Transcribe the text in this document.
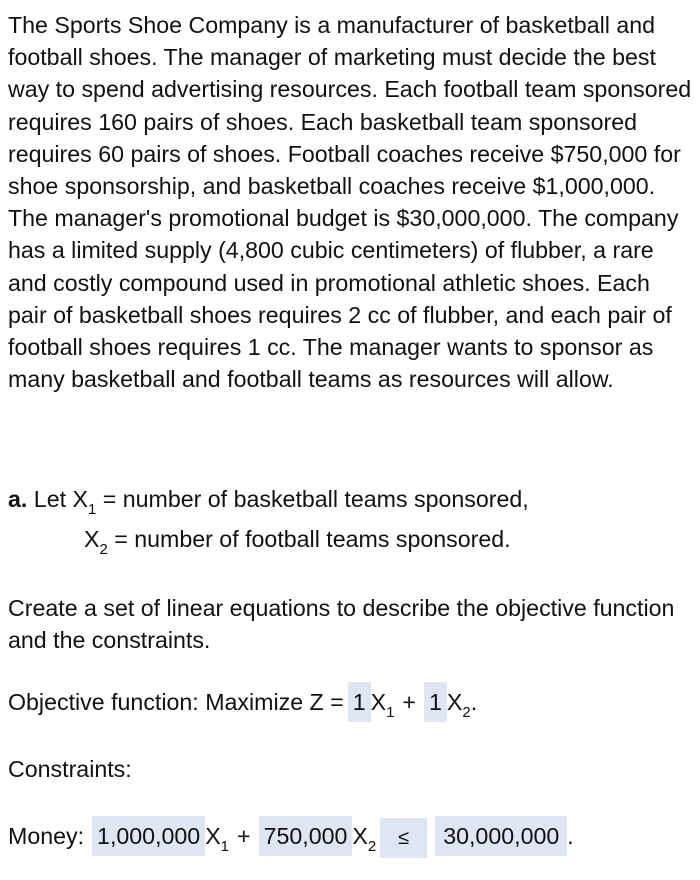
The Sports Shoe Company is a manufacturer of basketball and football shoes. The manager of marketing must decide the best way to spend advertising resources. Each football team sponsored requires 160 pairs of shoes. Each basketball team sponsored requires 60 pairs of shoes. Football coaches receive $750,000 for shoe sponsorship, and basketball coaches receive $1,000,000. The manager's promotional budget is $30,000,000. The company has a limited supply (4,800 cubic centimeters) of flubber, a rare and costly compound used in promotional athletic shoes. Each pair of basketball shoes requires 2 cc of flubber, and each pair of football shoes requires 1 cc. The manager wants to sponsor as many basketball and football teams as resources will allow.

a. Let $X_1$ = number of basketball teams sponsored,

$X_2$ = number of football teams sponsored.

Create a set of linear equations to describe the objective function and the constraints.

Objective function: Maximize Z = 1 $X_1 + 1$ $X_2$.

Constraints:

Money: 1,000,000 $X_1 + 750,000$ $X_2 \le 30,000,000$ .
